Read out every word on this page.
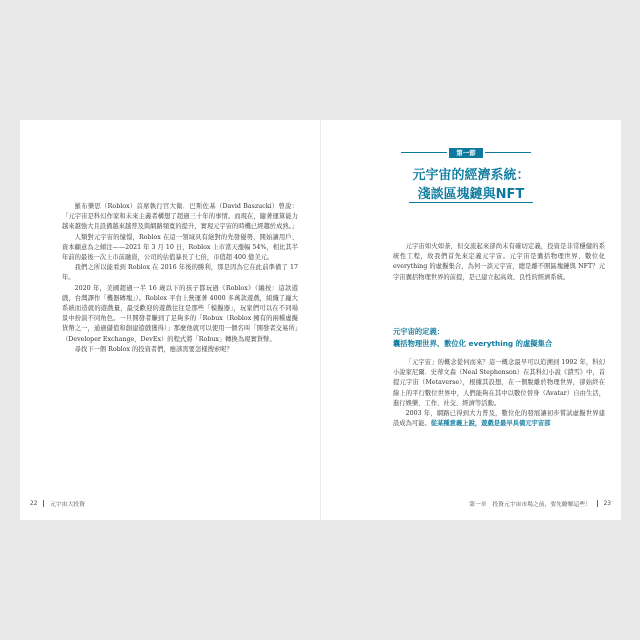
羅布樂思（Roblox）首席執行官大衛．巴斯佐基（David Baszucki）曾說：「元宇宙是科幻作家和未來主義者構想了超過三十年的事情。而現在，隨著運算能力越來越強大且設備越來越普及與網路頻寬的提升，實現元宇宙的時機已經趨於成熟。」

人類對元宇宙的憧憬，Roblox 在這一領域具有絕對的先發優勢，開始讓用戶、資本顧意為之傾注——2021 年 3 月 10 日，Roblox 上市當天漲幅 54%，相比其半年前的最後一次上市前融資，公司的估值暴長了七倍，市值超 400 億美元。

我們之所以能看到 Roblox 在 2016 年後的勝利，那是因為它在此前準備了 17 年。

2020 年，美國超過一半 16 歲以下的孩子都玩過《Roblox》（編按：這款遊戲，台灣譯作「機器磚塊」）。Roblox 平台上營運著 4000 多萬款遊戲，組織了龐大系統而造就的遊戲量，最受歡迎的遊戲往往是那些「模擬器」，玩家們可以在不同場景中扮演不同角色。一旦開發者賺到了足夠多的「Robux（Roblox 擁有的兩種虛擬貨幣之一，通過儲值和創建遊戲獲得）」那麼他就可以使用一個名叫「開發者交易所」（Developer Exchange，DevEx）的程式將「Robux」轉換為現實貨幣。

尋找下一個 Roblox 的投資者們，應該需要怎樣搜索呢？

22 元宇宙大投資
第一節
元宇宙的經濟系統：
淺談區塊鏈與NFT

元宇宙如火如荼，但交流起來卻尚未有確切定義，投資是非常穩健的系統性工程，故我們首先來定義元宇宙。元宇宙是囊括物理世界、數位化 everything 的虛擬集合，為何一談元宇宙，總是離不開區塊鏈與 NFT？元宇宙囊括物理世界的前提，是已建立起高效、良性的經濟系統。

元宇宙的定義：
囊括物理世界、數位化 everything 的虛擬集合

「元宇宙」的概念從何而來？這一概念最早可以追溯到 1992 年，科幻小說家尼爾．史蒂文森（Neal Stephenson）在其科幻小說《潰雪》中，首提元宇宙（Metaverse），根據其設想，在一個脫離於物理世界，卻始終在線上的平行數位世界中，人們能夠在其中以數位替身（Avatar）自由生活，進行娛樂、工作、社交、經濟等活動。

2003 年，網路已得到大力普及，數位化的發展讓初步嘗試虛擬世界建設成為可能。從某種意義上說，遊戲是最早具備元宇宙部

第一章　投資元宇宙市場之前，要先瞭解這些！ 23
